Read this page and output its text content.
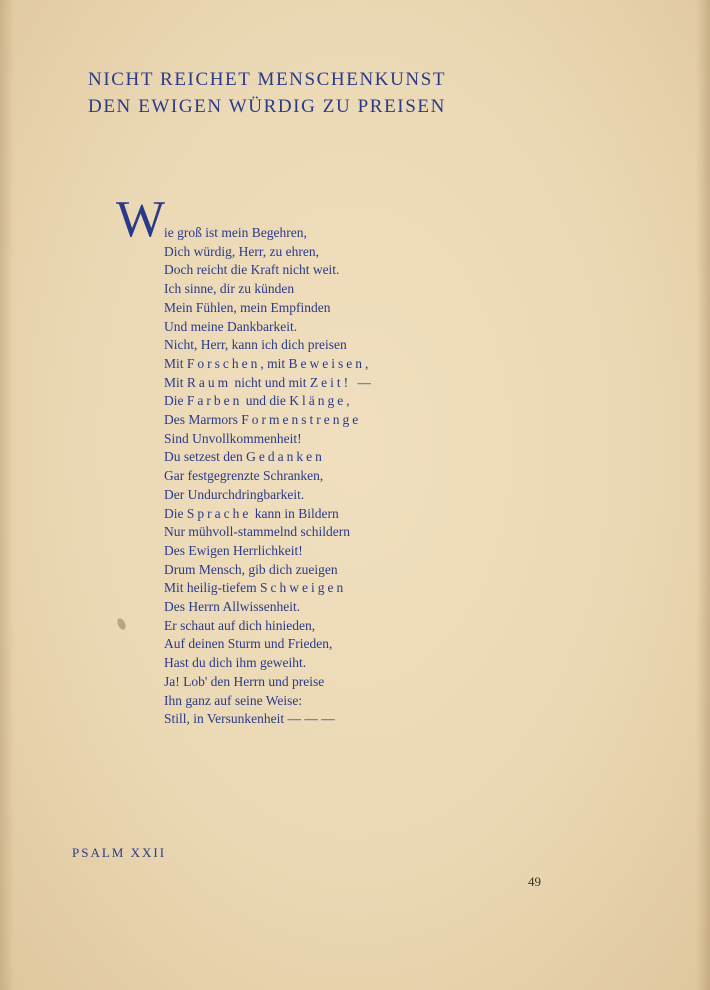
NICHT REICHET MENSCHENKUNST
DEN EWIGEN WÜRDIG ZU PREISEN
W
ie groß ist mein Begehren,
Dich würdig, Herr, zu ehren,
Doch reicht die Kraft nicht weit.
Ich sinne, dir zu künden
Mein Fühlen, mein Empfinden
Und meine Dankbarkeit.
Nicht, Herr, kann ich dich preisen
Mit Forschen, mit Beweisen,
Mit Raum nicht und mit Zeit! —
Die Farben und die Klänge,
Des Marmors Formenstrenge
Sind Unvollkommenheit!
Du setzest den Gedanken
Gar festgegrenzte Schranken,
Der Undurchdringbarkeit.
Die Sprache kann in Bildern
Nur mühvoll-stammelnd schildern
Des Ewigen Herrlichkeit!
Drum Mensch, gib dich zueigen
Mit heilig-tiefem Schweigen
Des Herrn Allwissenheit.
Er schaut auf dich hinieden,
Auf deinen Sturm und Frieden,
Hast du dich ihm geweiht.
Ja! Lob' den Herrn und preise
Ihn ganz auf seine Weise:
Still, in Versunkenheit — — —
PSALM XXII
49
